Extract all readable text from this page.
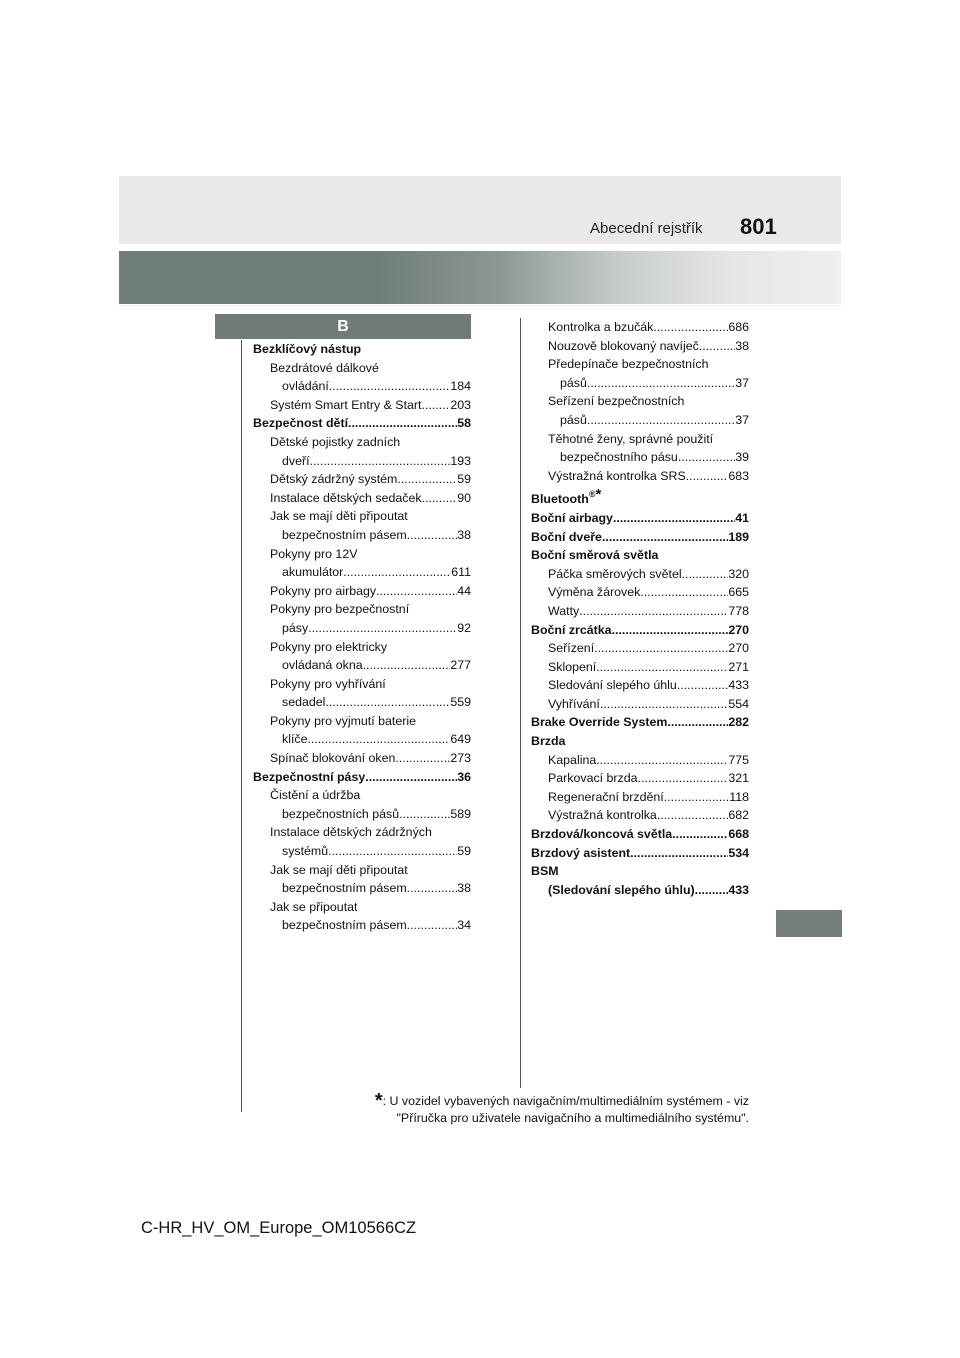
Abecední rejstřík 801
B
Bezklíčový nástup
Bezdrátové dálkové
ovládání .....	184
Systém Smart Entry & Start ..... 203
Bezpečnost dětí .....	58
Dětské pojistky zadních
dveří .....	193
Dětský zádržný systém .....	59
Instalace dětských sedaček .....	90
Jak se mají děti připoutat
bezpečnostním pásem .....	38
Pokyny pro 12V
akumulátor .....	611
Pokyny pro airbagy .....	44
Pokyny pro bezpečnostní
pásy .....	92
Pokyny pro elektricky
ovládaná okna .....	277
Pokyny pro vyhřívání
sedadel .....	559
Pokyny pro vyjmutí baterie
klíče .....	649
Spínač blokování oken .....	273
Bezpečnostní pásy .....	36
Čistění a údržba
bezpečnostních pásů .....	589
Instalace dětských zádržných
systémů .....	59
Jak se mají děti připoutat
bezpečnostním pásem .....	38
Jak se připoutat
bezpečnostním pásem .....	34
Kontrolka a bzučák .....	686
Nouzově blokovaný navíječ .....	38
Předepínače bezpečnostních
pásů .....	37
Seřízení bezpečnostních
pásů .....	37
Těhotné ženy, správné použití
bezpečnostního pásu .....	39
Výstražná kontrolka SRS .....	683
Bluetooth®*
Boční airbagy .....	41
Boční dveře .....	189
Boční směrová světla
Páčka směrových světel .....	320
Výměna žárovek .....	665
Watty .....	778
Boční zrcátka .....	270
Seřízení .....	270
Sklopení .....	271
Sledování slepého úhlu .....	433
Vyhřívání .....	554
Brake Override System .....	282
Brzda
Kapalina .....	775
Parkovací brzda .....	321
Regenerační brzdění .....	118
Výstražná kontrolka .....	682
Brzdová/koncová světla .....	668
Brzdový asistent .....	534
BSM
(Sledování slepého úhlu) .....	433
*: U vozidel vybavených navigačním/multimediálním systémem - viz
"Příručka pro uživatele navigačního a multimediálního systému".
C-HR_HV_OM_Europe_OM10566CZ
